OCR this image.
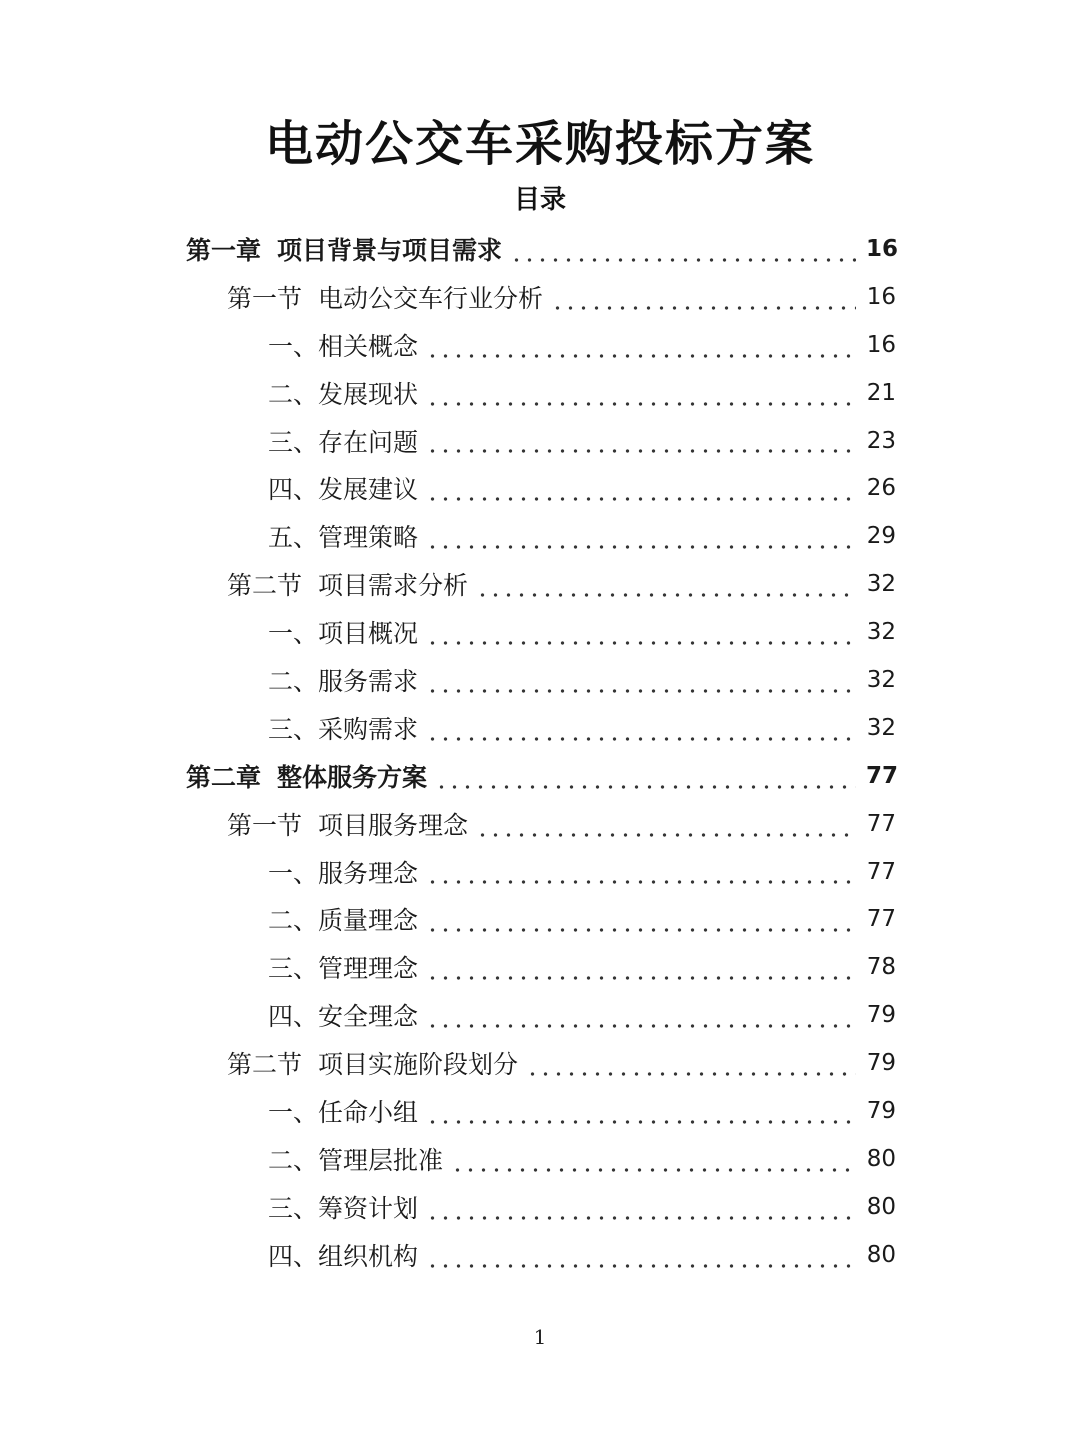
电动公交车采购投标方案
目录
第一章 项目背景与项目需求	16
第一节 电动公交车行业分析	16
一、相关概念	16
二、发展现状	21
三、存在问题	23
四、发展建议	26
五、管理策略	29
第二节 项目需求分析	32
一、项目概况	32
二、服务需求	32
三、采购需求	32
第二章 整体服务方案	77
第一节 项目服务理念	77
一、服务理念	77
二、质量理念	77
三、管理理念	78
四、安全理念	79
第二节 项目实施阶段划分	79
一、任命小组	79
二、管理层批准	80
三、筹资计划	80
四、组织机构	80
1
